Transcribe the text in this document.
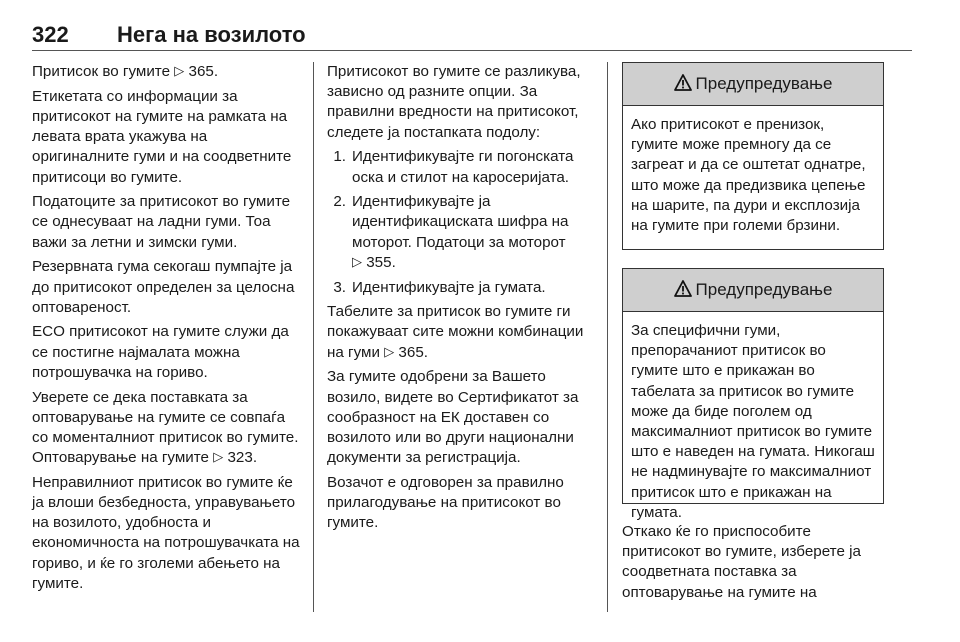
322 Нега на возилото

Притисок во гумите ▷ 365.

Етикетата со информации за притисокот на гумите на рамката на левата врата укажува на оригиналните гуми и на соодветните притисоци во гумите.

Податоците за притисокот во гумите се однесуваат на ладни гуми. Тоа важи за летни и зимски гуми.

Резервната гума секогаш пумпајте ја до притисокот определен за целосна оптовареност.

ECO притисокот на гумите служи да се постигне најмалата можна потрошувачка на гориво.

Уверете се дека поставката за оптоварување на гумите се совпаѓа со моменталниот притисок во гумите. Оптоварување на гумите ▷ 323.

Неправилниот притисок во гумите ќе ја влоши безбедноста, управувањето на возилото, удобноста и економичноста на потрошувачката на гориво, и ќе го зголеми абењето на гумите.

Притисокот во гумите се разликува, зависно од разните опции. За правилни вредности на притисокот, следете ја постапката подолу:

1. Идентификувајте ги погонската оска и стилот на каросеријата.
2. Идентификувајте ја идентификациската шифра на моторот. Податоци за моторот ▷ 355.
3. Идентификувајте ја гумата.

Табелите за притисок во гумите ги покажуваат сите можни комбинации на гуми ▷ 365.

За гумите одобрени за Вашето возило, видете во Сертификатот за сообразност на ЕК доставен со возилото или во други национални документи за регистрација.

Возачот е одговорен за правилно прилагодување на притисокот во гумите.

Предупредување
Ако притисокот е пренизок, гумите може премногу да се загреат и да се оштетат однатре, што може да предизвика цепење на шарите, па дури и експлозија на гумите при големи брзини.
Предупредување
За специфични гуми, препорачаниот притисок во гумите што е прикажан во табелата за притисок во гумите може да биде поголем од максималниот притисок во гумите што е наведен на гумата. Никогаш не надминувајте го максималниот притисок што е прикажан на гумата.

Откако ќе го приспособите притисокот во гумите, изберете ја соодветната поставка за оптоварување на гумите на
